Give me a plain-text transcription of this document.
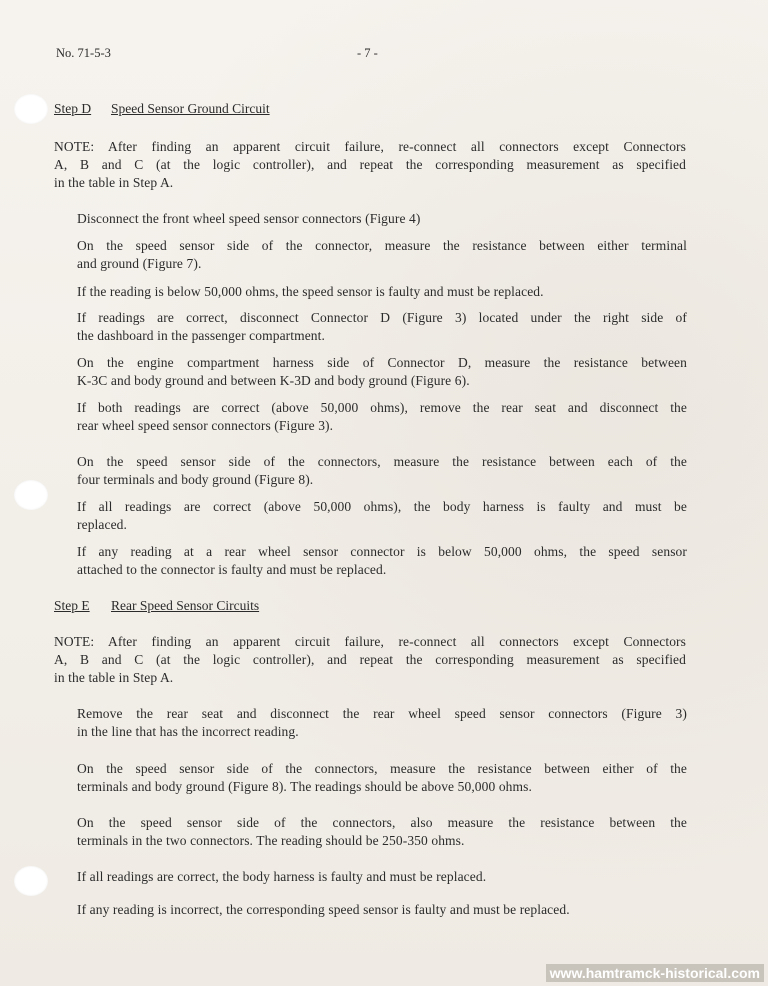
No. 71-5-3	- 7 -
Step D Speed Sensor Ground Circuit
NOTE: After finding an apparent circuit failure, re-connect all connectors except Connectors
A, B and C (at the logic controller), and repeat the corresponding measurement as specified
in the table in Step A.
Disconnect the front wheel speed sensor connectors (Figure 4)
On the speed sensor side of the connector, measure the resistance between either terminal
and ground (Figure 7).
If the reading is below 50,000 ohms, the speed sensor is faulty and must be replaced.
If readings are correct, disconnect Connector D (Figure 3) located under the right side of
the dashboard in the passenger compartment.
On the engine compartment harness side of Connector D, measure the resistance between
K-3C and body ground and between K-3D and body ground (Figure 6).
If both readings are correct (above 50,000 ohms), remove the rear seat and disconnect the
rear wheel speed sensor connectors (Figure 3).
On the speed sensor side of the connectors, measure the resistance between each of the
four terminals and body ground (Figure 8).
If all readings are correct (above 50,000 ohms), the body harness is faulty and must be
replaced.
If any reading at a rear wheel sensor connector is below 50,000 ohms, the speed sensor
attached to the connector is faulty and must be replaced.
Step E Rear Speed Sensor Circuits
NOTE: After finding an apparent circuit failure, re-connect all connectors except Connectors
A, B and C (at the logic controller), and repeat the corresponding measurement as specified
in the table in Step A.
Remove the rear seat and disconnect the rear wheel speed sensor connectors (Figure 3)
in the line that has the incorrect reading.
On the speed sensor side of the connectors, measure the resistance between either of the
terminals and body ground (Figure 8). The readings should be above 50,000 ohms.
On the speed sensor side of the connectors, also measure the resistance between the
terminals in the two connectors. The reading should be 250-350 ohms.
If all readings are correct, the body harness is faulty and must be replaced.
If any reading is incorrect, the corresponding speed sensor is faulty and must be replaced.
www.hamtramck-historical.com
